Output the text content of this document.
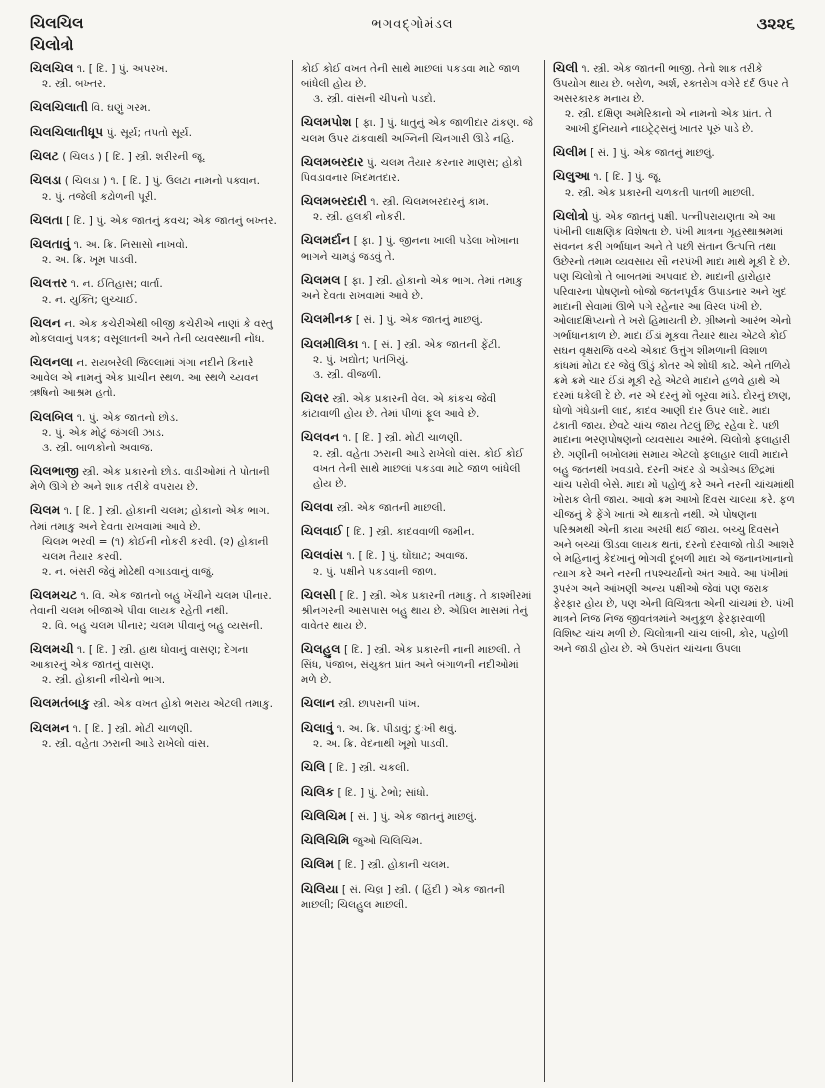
ચિલચિલ
ચિલોત્રો
ભગવદ્ગોમંડલ	૩૨૨૬
ચિલચિલ ૧. [ દિ. ] પું. અપરખ.
૨. સ્ત્રી. બખ્તર.
ચિલચિલાતી વિ. ઘણું ગરમ.
ચિલચિલાતીધૂપ પું. સૂર્ય; તપતો સૂર્ય.
ચિલટ ( ચિલડ ) [ દિ. ] સ્ત્રી. શરીરની જૂ.
ચિલડા ( ચિલડા ) ૧. [ દિ. ] પું. ઉલટા નામનો પક્વાન.
૨. પું. તજેલી કઢોળની પૂરી.
ચિલતા [ દિ. ] પું. એક જાતનું કવચ; એક જાતનું બખ્તર.
ચિલતાવું ૧. અ. ક્રિ. નિસાસો નાખવો.
૨. અ. ક્રિ. ખૂમ પાડવી.
ચિલત્તર ૧. ન. ઈતિહાસ; વાર્તા.
૨. ન. યુક્તિ; લુચ્ચાઈ.
ચિલન ન. એક કચેરીએથી બીજી કચેરીએ નાણાં કે વસ્તુ મોકલવાનું પત્રક; વસૂલાતની અને તેની વ્યવસ્થાની નોંધ.
ચિલનલા ન. રાયબરેલી જિલ્લામાં ગંગા નદીને કિનારે આવેલ એ નામનું એક પ્રાચીન સ્થળ. આ સ્થળે ચ્યવન ઋષિનો આશ્રમ હતો.
ચિલબિલ ૧. પું. એક જાતનો છોડ.
૨. પું. એક મોટું જંગલી ઝાડ.
૩. સ્ત્રી. બાળકોનો અવાજ.
ચિલભાજી સ્ત્રી. એક પ્રકારનો છોડ. વાડીઓમાં તે પોતાની મેળે ઊગે છે અને શાક તરીકે વપરાય છે.
ચિલમ ૧. [ દિ. ] સ્ત્રી. હોકાની ચલમ; હોકાનો એક ભાગ. તેમાં તમાકુ અને દેવતા રાખવામાં આવે છે.
ચિલમ ભરવી = (૧) કોઈની નોકરી કરવી. (૨) હોકાની ચલમ તૈયાર કરવી.
૨. ન. બંસરી જેવું મોઢેથી વગાડવાનું વાજું.
ચિલમચટ ૧. વિ. એક જાતનો બહુ ખેંચીને ચલમ પીનાર. તેવાની ચલમ બીજાએ પીવા લાયક રહેતી નથી.
૨. વિ. બહુ ચલમ પીનાર; ચલમ પીવાનું બહુ વ્યસની.
ચિલમચી ૧. [ દિ. ] સ્ત્રી. હાથ ધોવાનું વાસણ; દેગના આકારનું એક જાતનું વાસણ.
૨. સ્ત્રી. હોકાની નીચેનો ભાગ.
ચિલમતંબાકુ સ્ત્રી. એક વખત હોકો ભરાય એટલી તમાકુ.
ચિલમન ૧. [ દિ. ] સ્ત્રી. મોટી ચાળણી.
૨. સ્ત્રી. વહેતા ઝરાની આડે રાખેલો વાંસ.
કોઈ કોઈ વખત તેની સાથે માછલાં પકડવા માટે જાળ બાંધેલી હોય છે.
૩. સ્ત્રી. વાંસની ચીપનો પડદો.
ચિલમપોશ [ ફા. ] પું. ધાતુનું એક જાળીદાર ઢાંકણ. જે ચલમ ઉપર ઢાંકવાથી અગ્નિની ચિનગારી ઊડે નહિ.
ચિલમબરદાર પું. ચલમ તૈયાર કરનાર માણસ; હોકો પિવડાવનાર ખિદમતદાર.
ચિલમબરદારી ૧. સ્ત્રી. ચિલમબરદારનું કામ.
૨. સ્ત્રી. હલકી નોકરી.
ચિલમર્દાન [ ફા. ] પું. જીનના ખાલી પડેલા ખોખાના ભાગને ચામડું જડવું તે.
ચિલમલ [ ફા. ] સ્ત્રી. હોકાનો એક ભાગ. તેમાં તમાકુ અને દેવતા રાખવામાં આવે છે.
ચિલમીનક [ સં. ] પું. એક જાતનું માછલું.
ચિલમીલિકા ૧. [ સં. ] સ્ત્રી. એક જાતની ફેંટી.
૨. પું. ખદ્યોત; પતંગિયું.
૩. સ્ત્રી. વીજળી.
ચિલર સ્ત્રી. એક પ્રકારની વેલ. એ કાંકચ જેવી કાંટાવાળી હોય છે. તેમાં પીળાં ફૂલ આવે છે.
ચિલવન ૧. [ દિ. ] સ્ત્રી. મોટી ચાળણી.
૨. સ્ત્રી. વહેતા ઝરાની આડે રાખેલો વાંસ. કોઈ કોઈ વખત તેની સાથે માછલાં પકડવા માટે જાળ બાંધેલી હોય છે.
ચિલવા સ્ત્રી. એક જાતની માછલી.
ચિલવાઈ [ દિ. ] સ્ત્રી. કાદવવાળી જમીન.
ચિલવાંસ ૧. [ દિ. ] પું. ઘોંઘાટ; અવાજ.
૨. પું. પક્ષીને પકડવાની જાળ.
ચિલસી [ દિ. ] સ્ત્રી. એક પ્રકારની તમાકુ. તે કાશ્મીરમાં શ્રીનગરની આસપાસ બહુ થાય છે. એપ્રિલ માસમાં તેનું વાવેતર થાય છે.
ચિલહુલ [ દિ. ] સ્ત્રી. એક પ્રકારની નાની માછલી. તે સિંધ, પંજાબ, સંયુક્ત પ્રાંત અને બંગાળની નદીઓમાં મળે છે.
ચિલાન સ્ત્રી. છાપરાની પાંખ.
ચિલાવું ૧. અ. ક્રિ. પીડાવું; દુઃખી થવું.
૨. અ. ક્રિ. વેદનાથી ખૂમો પાડવી.
ચિલિ [ દિ. ] સ્ત્રી. ચકલી.
ચિલિક [ દિ. ] પું. ટેભો; સાંધો.
ચિલિચિમ [ સં. ] પું. એક જાતનું માછલું.
ચિલિચિમિ જુઓ ચિલિચિમ.
ચિલિમ [ દિ. ] સ્ત્રી. હોકાની ચલમ.
ચિલિયા [ સં. ચિલ્ર ] સ્ત્રી. ( હિંદી ) એક જાતની માછલી; ચિલહુલ માછલી.
ચિલી ૧. સ્ત્રી. એક જાતની ભાજી. તેનો શાક તરીકે ઉપયોગ થાય છે. બરોળ, અર્શ, રક્તરોગ વગેરે દર્દ ઉપર તે અસરકારક મનાય છે.
૨. સ્ત્રી. દક્ષિણ અમેરિકાનો એ નામનો એક પ્રાંત. તે આખી દુનિયાને નાઇટ્રેટ્સનું ખાતર પૂરું પાડે છે.
ચિલીમ [ સં. ] પું. એક જાતનું માછલું.
ચિલુઆ ૧. [ દિ. ] પું. જૂ.
૨. સ્ત્રી. એક પ્રકારની ચળકતી પાતળી માછલી.
ચિલોત્રો પું. એક જાતનું પક્ષી. પત્નીપરાયણતા એ આ પંખીની લાક્ષણિક વિશેષતા છે. પંખી માત્રના ગૃહસ્થાશ્રમમાં સંવનન કરી ગર્ભાધાન અને તે પછી સંતાન ઉત્પત્તિ તથા ઉછેરનો તમામ વ્યવસાય સૌ નરપંખી માદા માથે મૂકી દે છે. પણ ચિલોત્રો તે બાબતમાં અપવાદ છે. માદાની હારોહાર પરિવારના પોષણનો બોજો જતનપૂર્વક ઉપાડનાર અને ખુદ માદાની સેવામાં ઊભે પગે રહેનાર આ વિરલ પંખી છે. ઓલાદક્ષિપ્યનો તે ખરો હિમાયતી છે. ગ્રીષ્મનો આરંભ એનો ગર્ભાધાનકાળ છે. માદા ઈંડાં મૂકવા તૈયાર થાય એટલે કોઈ સઘન વૃક્ષરાજિ વચ્ચે એકાદ ઉત્તુંગ શીમળાની વિશાળ કાંધમાં મોટા દર જેવું ઊંડું કોતર એ શોધી કાઢે. એને તળિયે ક્રમે ક્રમે ચાર ઈંડાં મૂકી રહે એટલે માદાને હળવે હાથે એ દરમાં ધકેલી દે છે. નર એ દરનું મોં બૂરવા માંડે. દોરનું છાણ, ધોળો ગંધેડાની લાદ, કાદવ આણી દાર ઉપર લાદે. માદા ઢંકાતી જાય. છેવટે ચાંચ જાય તેટલું છિદ્ર રહેવા દે. પછી માદાના ભરણપોષણનો વ્યવસાય આરંભે. ચિલોત્રો ફલાહારી છે. ગણીની બખોલમાં સમાય એટલો ફલાહાર લાવી માદાને બહુ જતનથી ખવડાવે. દરની અંદર ડો અડોઅડ છિદ્રમાં ચાંચ પરોવી બેસે. માદા મોં પહોળું કરે અને નરની ચાંચમાંથી ખોરાક લેતી જાય. આવો ક્રમ આખો દિવસ ચાલ્યા કરે. ફળ ચીજનું કે ફેંગે ખાતાં એ થાકતો નથી. એ પોષણના પરિશ્રમથી એની કાયા અરધી થઈ જાય. બચ્ચુ દિવસને અને બચ્ચાં ઊડવા લાયક થતાં, દરનો દરવાજો તોડી આશરે બે મહિનાનું કેદખાનું ભોગવી દૂબળી માદા એ જનાનખાનાનો ત્યાગ કરે અને નરની તપશ્ચર્યાનો અંત આવે. આ પંખીમાં રૂપરંગ અને આંખણી અન્ય પક્ષીઓ જેવાં પણ જરાક ફેરફાર હોય છે, પણ એની વિચિત્રતા એની ચાંચમાં છે. પંખી માત્રને નિજ નિજ જીવતંત્રમાંને અનુકૂળ ફેરફારવાળી વિશિષ્ટ ચાંચ મળી છે. ચિલોત્રાની ચાંચ લાંબી, કોર, પહોળી અને જાડી હોય છે. એ ઉપરાંત ચાંચના ઉપલા
